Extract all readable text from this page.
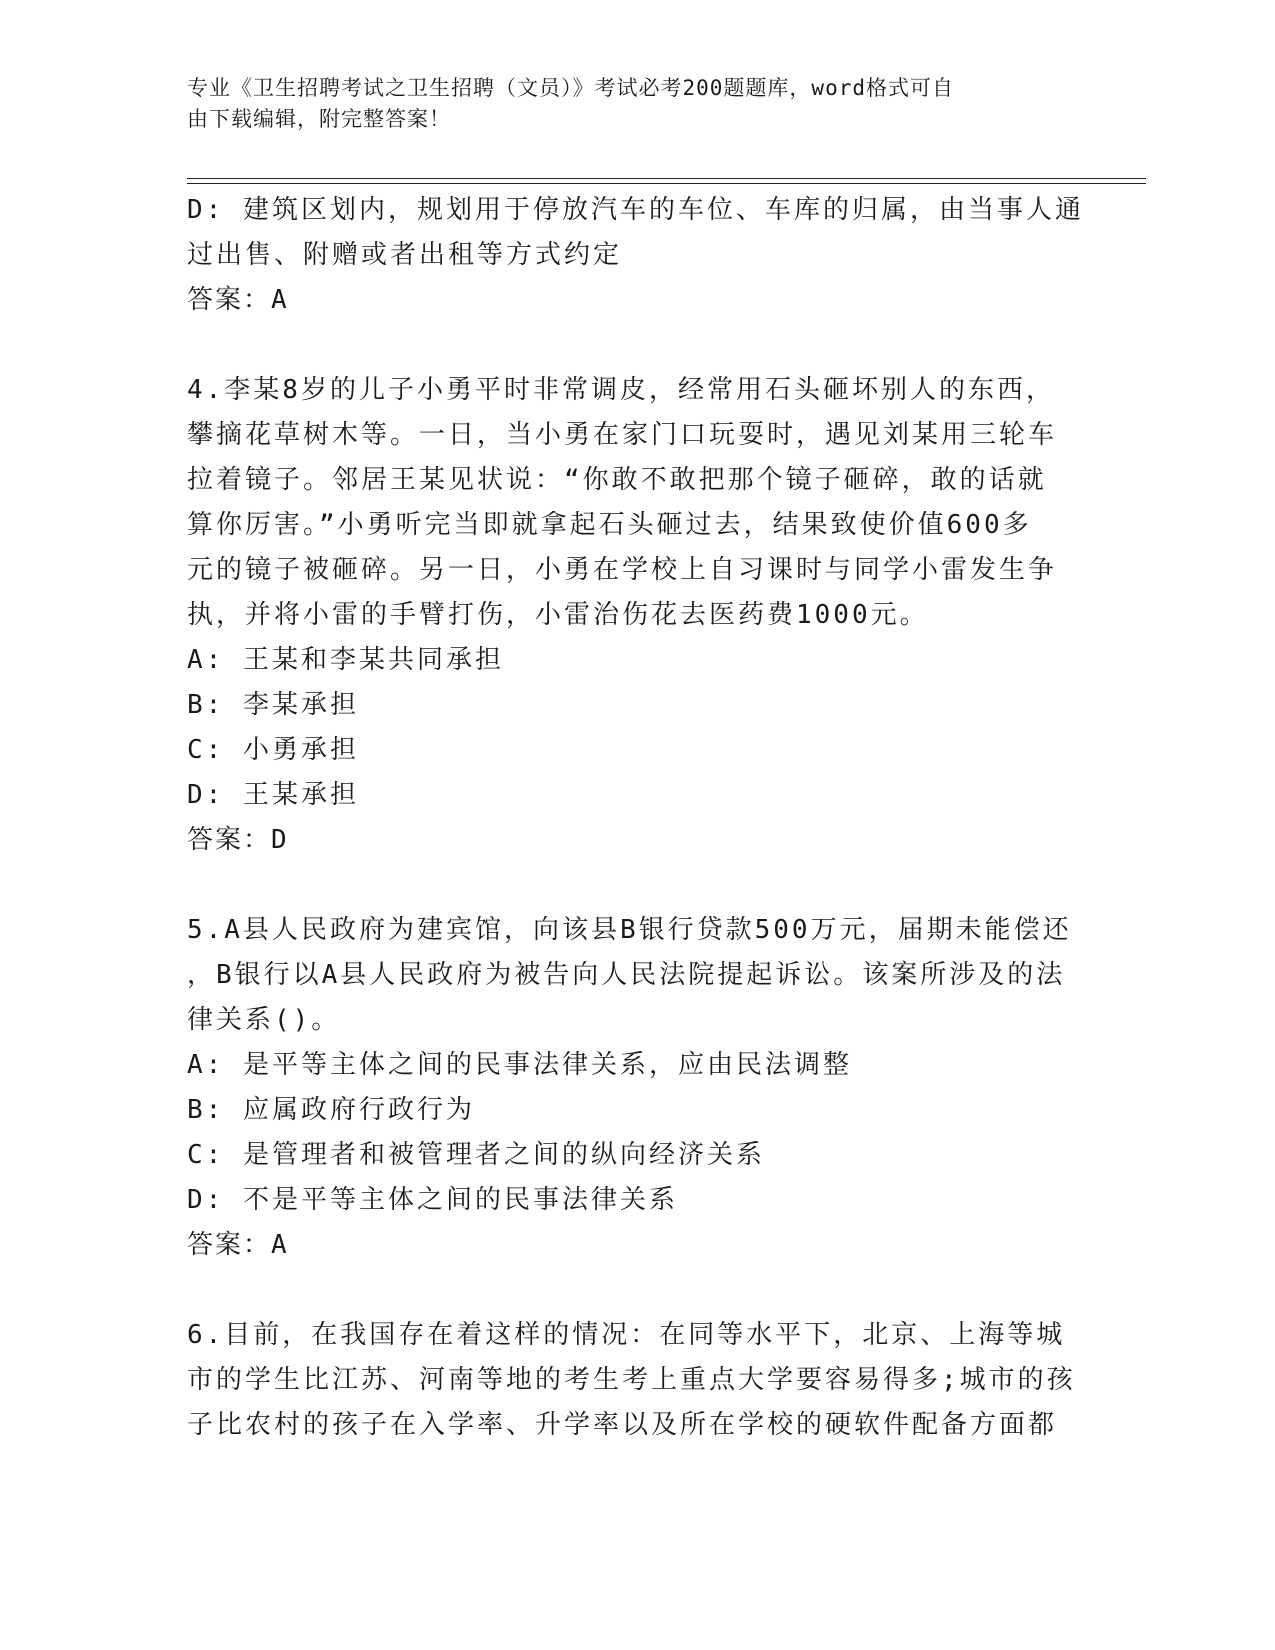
专业《卫生招聘考试之卫生招聘（文员）》考试必考200题题库，word格式可自
由下载编辑，附完整答案！

D: 建筑区划内，规划用于停放汽车的车位、车库的归属，由当事人通

过出售、附赠或者出租等方式约定

答案：A

4.李某8岁的儿子小勇平时非常调皮，经常用石头砸坏别人的东西，

攀摘花草树木等。一日，当小勇在家门口玩耍时，遇见刘某用三轮车

拉着镜子。邻居王某见状说：“你敢不敢把那个镜子砸碎，敢的话就

算你厉害。”小勇听完当即就拿起石头砸过去，结果致使价值600多

元的镜子被砸碎。另一日，小勇在学校上自习课时与同学小雷发生争

执，并将小雷的手臂打伤，小雷治伤花去医药费1000元。

A: 王某和李某共同承担

B: 李某承担

C: 小勇承担

D: 王某承担

答案：D

5.A县人民政府为建宾馆，向该县B银行贷款500万元，届期未能偿还

，B银行以A县人民政府为被告向人民法院提起诉讼。该案所涉及的法

律关系()。

A: 是平等主体之间的民事法律关系，应由民法调整

B: 应属政府行政行为

C: 是管理者和被管理者之间的纵向经济关系

D: 不是平等主体之间的民事法律关系

答案：A

6.目前，在我国存在着这样的情况：在同等水平下，北京、上海等城

市的学生比江苏、河南等地的考生考上重点大学要容易得多;城市的孩

子比农村的孩子在入学率、升学率以及所在学校的硬软件配备方面都
